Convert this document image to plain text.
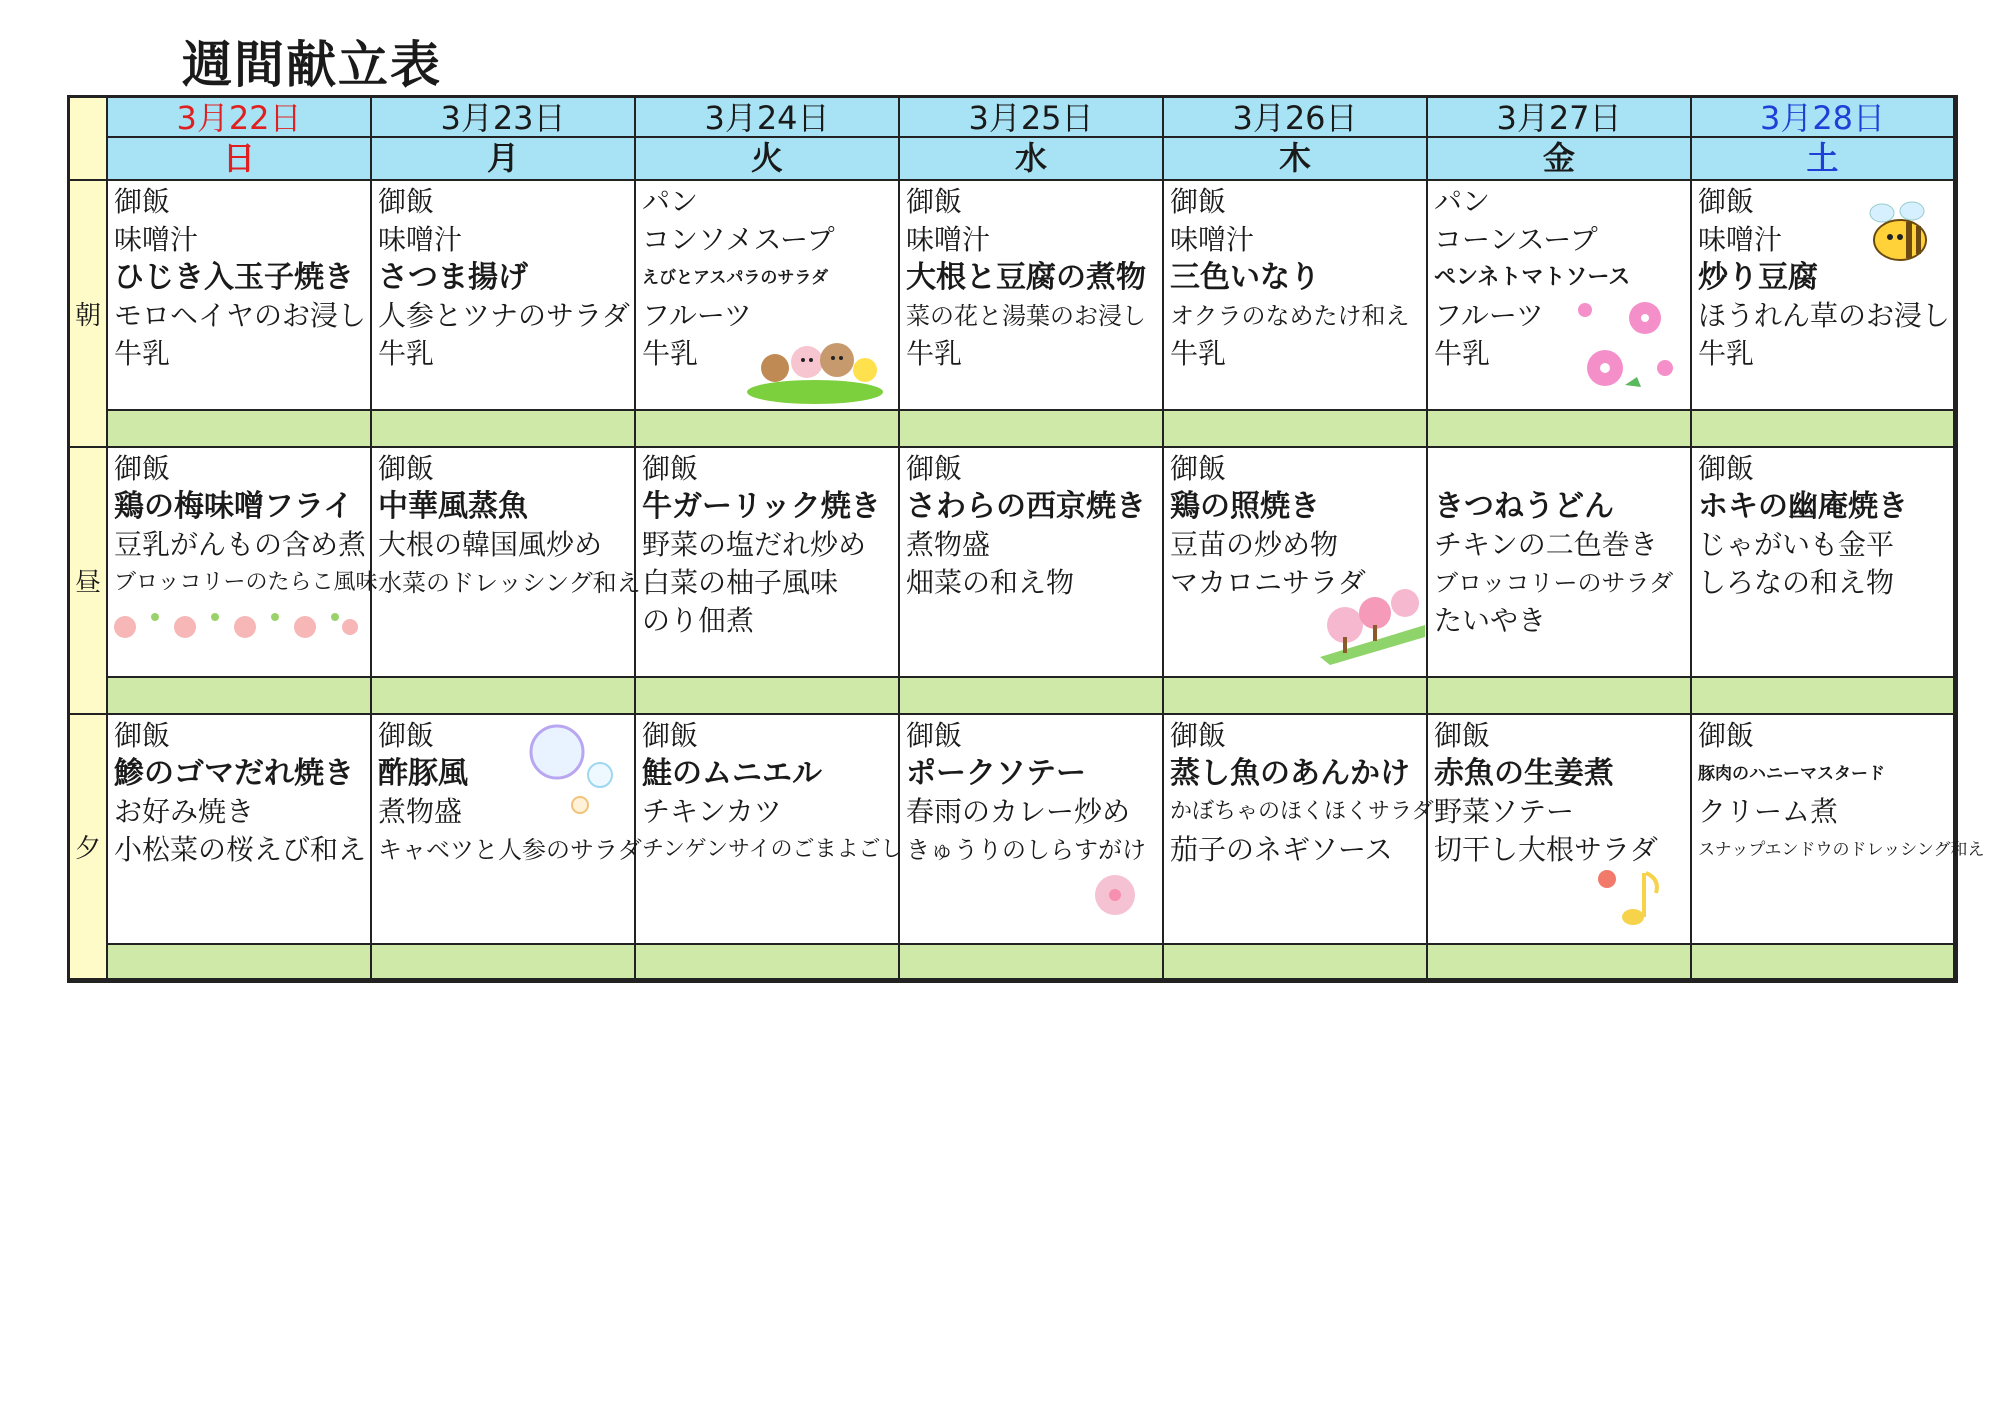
週間献立表
朝
昼
夕
3月22日
日
御飯
味噌汁
ひじき入玉子焼き
モロヘイヤのお浸し
牛乳
御飯
鶏の梅味噌フライ
豆乳がんもの含め煮
ブロッコリーのたらこ風味
御飯
鯵のゴマだれ焼き
お好み焼き
小松菜の桜えび和え
3月23日
月
御飯
味噌汁
さつま揚げ
人参とツナのサラダ
牛乳
御飯
中華風蒸魚
大根の韓国風炒め
水菜のドレッシング和え
御飯
酢豚風
煮物盛
キャベツと人参のサラダ
3月24日
火
パン
コンソメスープ
えびとアスパラのサラダ
フルーツ
牛乳
御飯
牛ガーリック焼き
野菜の塩だれ炒め
白菜の柚子風味
のり佃煮
御飯
鮭のムニエル
チキンカツ
チンゲンサイのごまよごし
3月25日
水
御飯
味噌汁
大根と豆腐の煮物
菜の花と湯葉のお浸し
牛乳
御飯
さわらの西京焼き
煮物盛
畑菜の和え物
御飯
ポークソテー
春雨のカレー炒め
きゅうりのしらすがけ
3月26日
木
御飯
味噌汁
三色いなり
オクラのなめたけ和え
牛乳
御飯
鶏の照焼き
豆苗の炒め物
マカロニサラダ
御飯
蒸し魚のあんかけ
かぼちゃのほくほくサラダ
茄子のネギソース
3月27日
金
パン
コーンスープ
ペンネトマトソース
フルーツ
牛乳
きつねうどん
チキンの二色巻き
ブロッコリーのサラダ
たいやき
御飯
赤魚の生姜煮
野菜ソテー
切干し大根サラダ
3月28日
土
御飯
味噌汁
炒り豆腐
ほうれん草のお浸し
牛乳
御飯
ホキの幽庵焼き
じゃがいも金平
しろなの和え物
御飯
豚肉のハニーマスタード
クリーム煮
スナップエンドウのドレッシング和え
